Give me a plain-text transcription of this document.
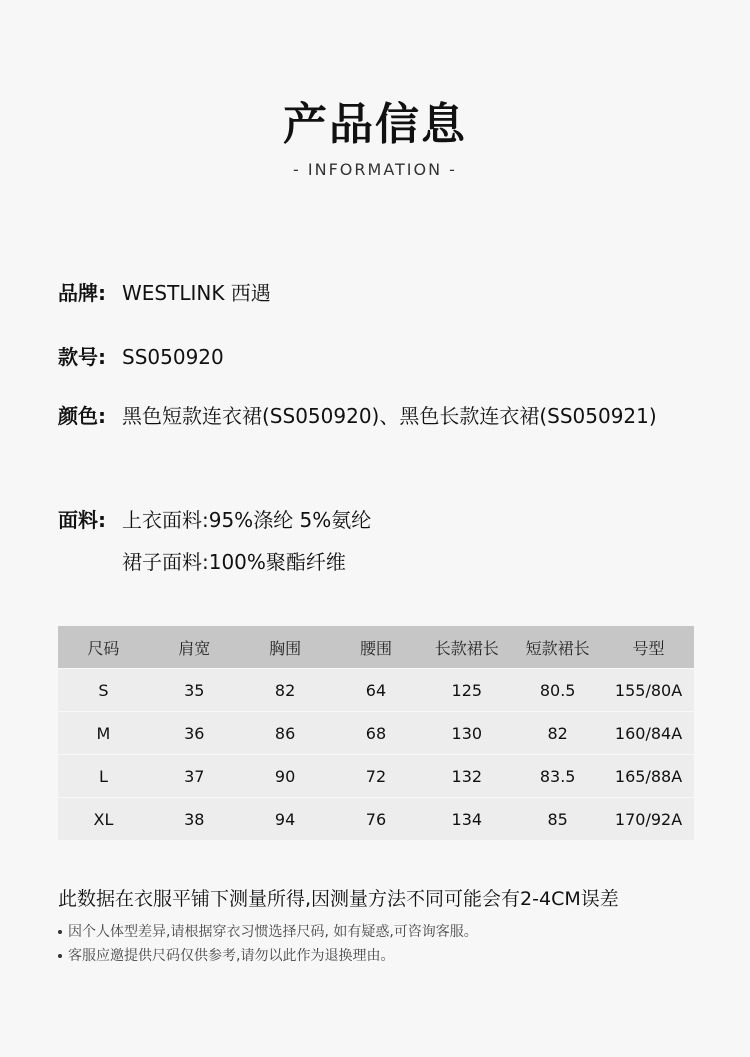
产品信息
- INFORMATION -
品牌: WESTLINK 西遇
款号: SS050920
颜色: 黑色短款连衣裙(SS050920)、黑色长款连衣裙(SS050921)
面料: 上衣面料:95%涤纶 5%氨纶
裙子面料:100%聚酯纤维
尺码	肩宽	胸围	腰围	长款裙长	短款裙长	号型
S	35	82	64	125	80.5	155/80A
M	36	86	68	130	82	160/84A
L	37	90	72	132	83.5	165/88A
XL	38	94	76	134	85	170/92A
此数据在衣服平铺下测量所得,因测量方法不同可能会有2-4CM误差
因个人体型差异,请根据穿衣习惯选择尺码, 如有疑惑,可咨询客服。
客服应邀提供尺码仅供参考,请勿以此作为退换理由。
